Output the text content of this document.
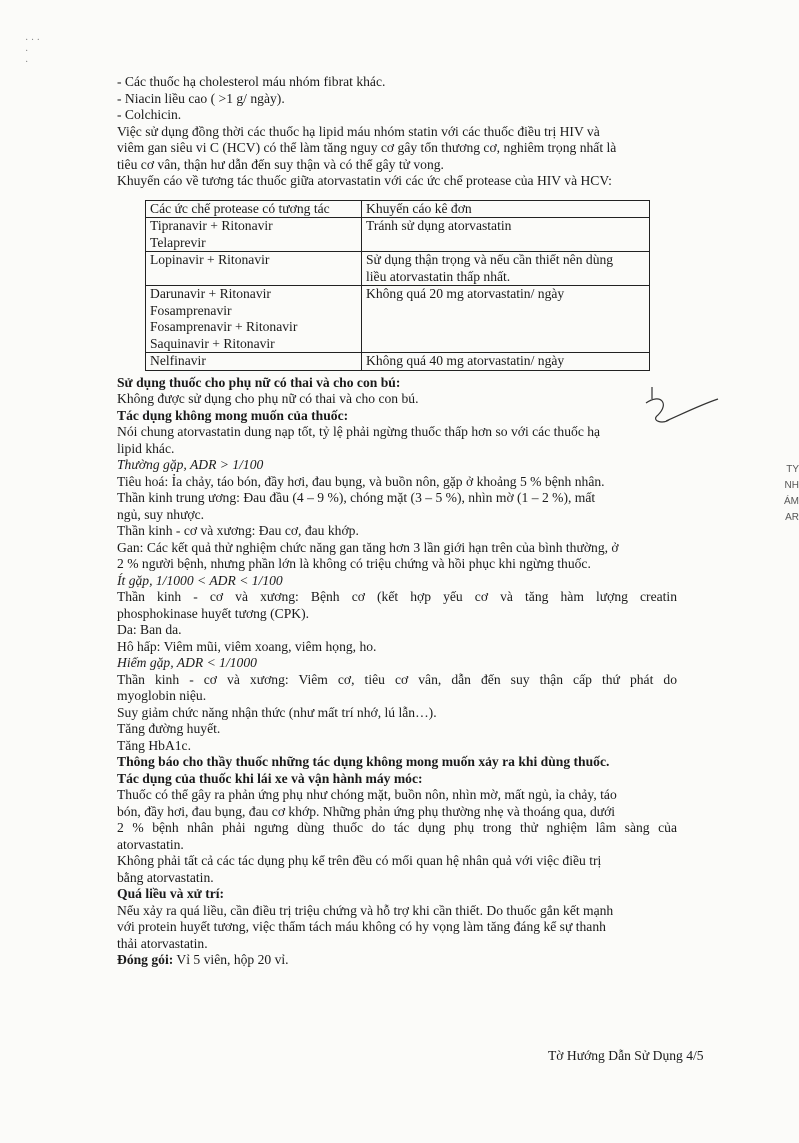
· · ·
·
·
- Các thuốc hạ cholesterol máu nhóm fibrat khác.
- Niacin liều cao ( >1 g/ ngày).
- Colchicin.
Việc sử dụng đồng thời các thuốc hạ lipid máu nhóm statin với các thuốc điều trị HIV và
viêm gan siêu vi C (HCV) có thể làm tăng nguy cơ gây tổn thương cơ, nghiêm trọng nhất là
tiêu cơ vân, thận hư dẫn đến suy thận và có thể gây tử vong.
Khuyến cáo về tương tác thuốc giữa atorvastatin với các ức chế protease của HIV và HCV:
Các ức chế protease có tương tác	Khuyến cáo kê đơn

Tipranavir + Ritonavir
Telaprevir	Tránh sử dụng atorvastatin

Lopinavir + Ritonavir	Sử dụng thận trọng và nếu cần thiết nên dùng
liều atorvastatin thấp nhất.

Darunavir + Ritonavir
Fosamprenavir
Fosamprenavir + Ritonavir
Saquinavir + Ritonavir	Không quá 20 mg atorvastatin/ ngày

Nelfinavir	Không quá 40 mg atorvastatin/ ngày
Sử dụng thuốc cho phụ nữ có thai và cho con bú:
Không được sử dụng cho phụ nữ có thai và cho con bú.
Tác dụng không mong muốn của thuốc:
Nói chung atorvastatin dung nạp tốt, tỷ lệ phải ngừng thuốc thấp hơn so với các thuốc hạ
lipid khác.
Thường gặp, ADR > 1/100
Tiêu hoá: Ỉa chảy, táo bón, đầy hơi, đau bụng, và buồn nôn, gặp ở khoảng 5 % bệnh nhân.
Thần kinh trung ương: Đau đầu (4 – 9 %), chóng mặt (3 – 5 %), nhìn mờ (1 – 2 %), mất
ngủ, suy nhược.
Thần kinh - cơ và xương: Đau cơ, đau khớp.
Gan: Các kết quả thử nghiệm chức năng gan tăng hơn 3 lần giới hạn trên của bình thường, ở
2 % người bệnh, nhưng phần lớn là không có triệu chứng và hồi phục khi ngừng thuốc.
Ít gặp, 1/1000 < ADR < 1/100
Thần kinh - cơ và xương: Bệnh cơ (kết hợp yếu cơ và tăng hàm lượng creatin
phosphokinase huyết tương (CPK).
Da: Ban da.
Hô hấp: Viêm mũi, viêm xoang, viêm họng, ho.
Hiếm gặp, ADR < 1/1000
Thần kinh - cơ và xương: Viêm cơ, tiêu cơ vân, dẫn đến suy thận cấp thứ phát do
myoglobin niệu.
Suy giảm chức năng nhận thức (như mất trí nhớ, lú lẫn…).
Tăng đường huyết.
Tăng HbA1c.
Thông báo cho thầy thuốc những tác dụng không mong muốn xảy ra khi dùng thuốc.
Tác dụng của thuốc khi lái xe và vận hành máy móc:
Thuốc có thể gây ra phản ứng phụ như chóng mặt, buồn nôn, nhìn mờ, mất ngủ, ỉa chảy, táo
bón, đầy hơi, đau bụng, đau cơ khớp. Những phản ứng phụ thường nhẹ và thoáng qua, dưới
2 % bệnh nhân phải ngưng dùng thuốc do tác dụng phụ trong thử nghiệm lâm sàng của
atorvastatin.
Không phải tất cả các tác dụng phụ kể trên đều có mối quan hệ nhân quả với việc điều trị
bằng atorvastatin.
Quá liều và xử trí:
Nếu xảy ra quá liều, cần điều trị triệu chứng và hỗ trợ khi cần thiết. Do thuốc gắn kết mạnh
với protein huyết tương, việc thẩm tách máu không có hy vọng làm tăng đáng kể sự thanh
thải atorvastatin.
Đóng gói: Vỉ 5 viên, hộp 20 vỉ.
TY
NH
ÁM
AR
Tờ Hướng Dẫn Sử Dụng 4/5
